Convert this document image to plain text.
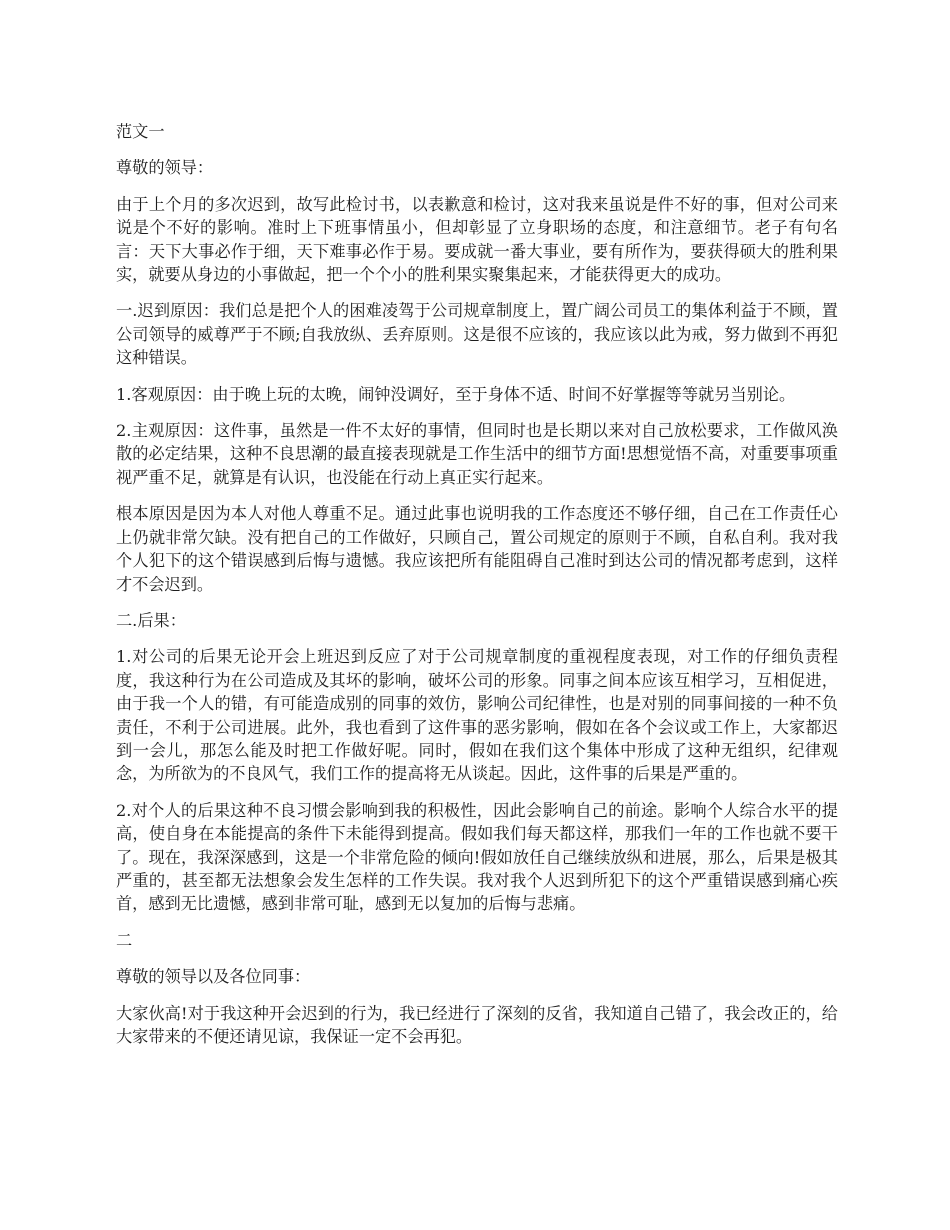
范文一

尊敬的领导：

由于上个月的多次迟到，故写此检讨书，以表歉意和检讨，这对我来虽说是件不好的事，但对公司来说是个不好的影响。准时上下班事情虽小，但却彰显了立身职场的态度，和注意细节。老子有句名言：天下大事必作于细，天下难事必作于易。要成就一番大事业，要有所作为，要获得硕大的胜利果实，就要从身边的小事做起，把一个个小的胜利果实聚集起来，才能获得更大的成功。

一.迟到原因：我们总是把个人的困难凌驾于公司规章制度上，置广阔公司员工的集体利益于不顾，置公司领导的威尊严于不顾;自我放纵、丢弃原则。这是很不应该的，我应该以此为戒，努力做到不再犯这种错误。

1.客观原因：由于晚上玩的太晚，闹钟没调好，至于身体不适、时间不好掌握等等就另当别论。

2.主观原因：这件事，虽然是一件不太好的事情，但同时也是长期以来对自己放松要求，工作做风涣散的必定结果，这种不良思潮的最直接表现就是工作生活中的细节方面!思想觉悟不高，对重要事项重视严重不足，就算是有认识，也没能在行动上真正实行起来。

根本原因是因为本人对他人尊重不足。通过此事也说明我的工作态度还不够仔细，自己在工作责任心上仍就非常欠缺。没有把自己的工作做好，只顾自己，置公司规定的原则于不顾，自私自利。我对我个人犯下的这个错误感到后悔与遗憾。我应该把所有能阻碍自己准时到达公司的情况都考虑到，这样才不会迟到。

二.后果：

1.对公司的后果无论开会上班迟到反应了对于公司规章制度的重视程度表现，对工作的仔细负责程度，我这种行为在公司造成及其坏的影响，破坏公司的形象。同事之间本应该互相学习，互相促进，由于我一个人的错，有可能造成别的同事的效仿，影响公司纪律性，也是对别的同事间接的一种不负责任，不利于公司进展。此外，我也看到了这件事的恶劣影响，假如在各个会议或工作上，大家都迟到一会儿，那怎么能及时把工作做好呢。同时，假如在我们这个集体中形成了这种无组织，纪律观念，为所欲为的不良风气，我们工作的提高将无从谈起。因此，这件事的后果是严重的。

2.对个人的后果这种不良习惯会影响到我的积极性，因此会影响自己的前途。影响个人综合水平的提高，使自身在本能提高的条件下未能得到提高。假如我们每天都这样，那我们一年的工作也就不要干了。现在，我深深感到，这是一个非常危险的倾向!假如放任自己继续放纵和进展，那么，后果是极其严重的，甚至都无法想象会发生怎样的工作失误。我对我个人迟到所犯下的这个严重错误感到痛心疾首，感到无比遗憾，感到非常可耻，感到无以复加的后悔与悲痛。

二

尊敬的领导以及各位同事：

大家伙高!对于我这种开会迟到的行为，我已经进行了深刻的反省，我知道自己错了，我会改正的，给大家带来的不便还请见谅，我保证一定不会再犯。
